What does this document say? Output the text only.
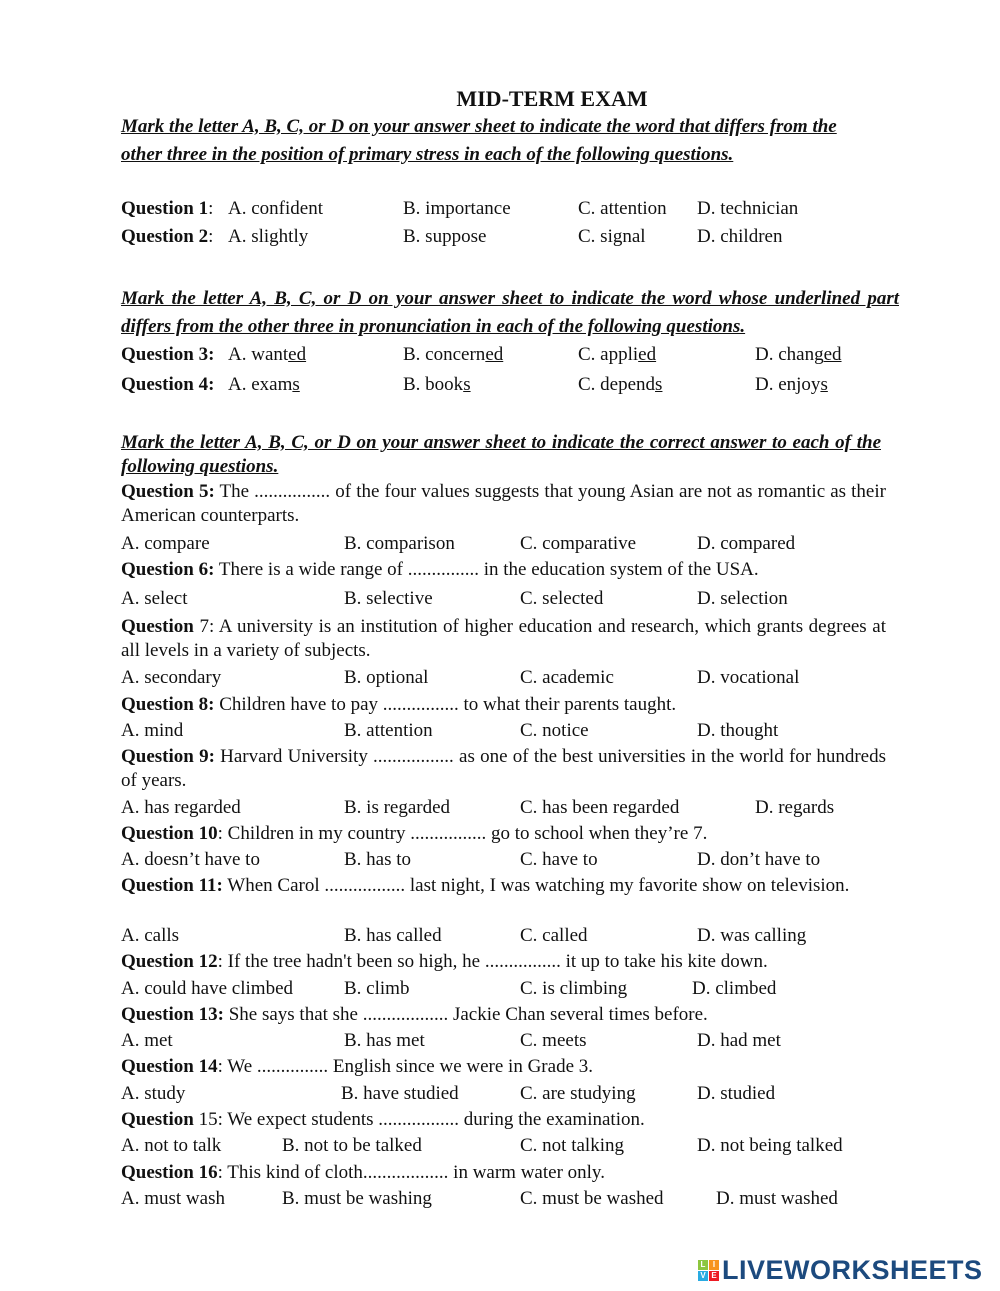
MID-TERM EXAM
Mark the letter A, B, C, or D on your answer sheet to indicate the word that differs from the other three in the position of primary stress in each of the following questions.
Mark the letter A, B, C, or D on your answer sheet to indicate the word whose underlined part differs from the other three in pronunciation in each of the following questions.
Mark the letter A, B, C, or D on your answer sheet to indicate the correct answer to each of the following questions.
Question 1: A. confident	B. importance	C. attention D. technician
Question 2: A. slightly	B. suppose	C. signal	D. children
Question 3: A. wanted	B. concerned	C. applied	D. changed
Question 4: A. exams	B. books	C. depends	D. enjoys
Question 5: The ................ of the four values suggests that young Asian are not as romantic as their American counterparts.
A. compare	B. comparison	C. comparative	D. compared
Question 6: There is a wide range of ............... in the education system of the USA.
A. select	B. selective	C. selected	D. selection
Question 7: A university is an institution of higher education and research, which grants degrees at all levels in a variety of subjects.
A. secondary	B. optional	C. academic	D. vocational
Question 8: Children have to pay ................ to what their parents taught.
A. mind	B. attention	C. notice	D. thought
Question 9: Harvard University ................. as one of the best universities in the world for hundreds of years.
A. has regarded	B. is regarded	C. has been regarded	D. regards
Question 10: Children in my country ................ go to school when they’re 7.
A. doesn’t have to	B. has to	C. have to	D. don’t have to
Question 11: When Carol ................. last night, I was watching my favorite show on television.
A. calls	B. has called	C. called	D. was calling
Question 12: If the tree hadn't been so high, he ................ it up to take his kite down.
A. could have climbed	B. climb	C. is climbing	D. climbed
Question 13: She says that she .................. Jackie Chan several times before.
A. met	B. has met	C. meets	D. had met
Question 14: We ............... English since we were in Grade 3.
A. study	B. have studied	C. are studying	D. studied
Question 15: We expect students ................. during the examination.
A. not to talk	B. not to be talked	C. not talking	D. not being talked
Question 16: This kind of cloth.................. in warm water only.
A. must wash	B. must be washing	C. must be washed	D. must washed
L I
V E LIVEWORKSHEETS
